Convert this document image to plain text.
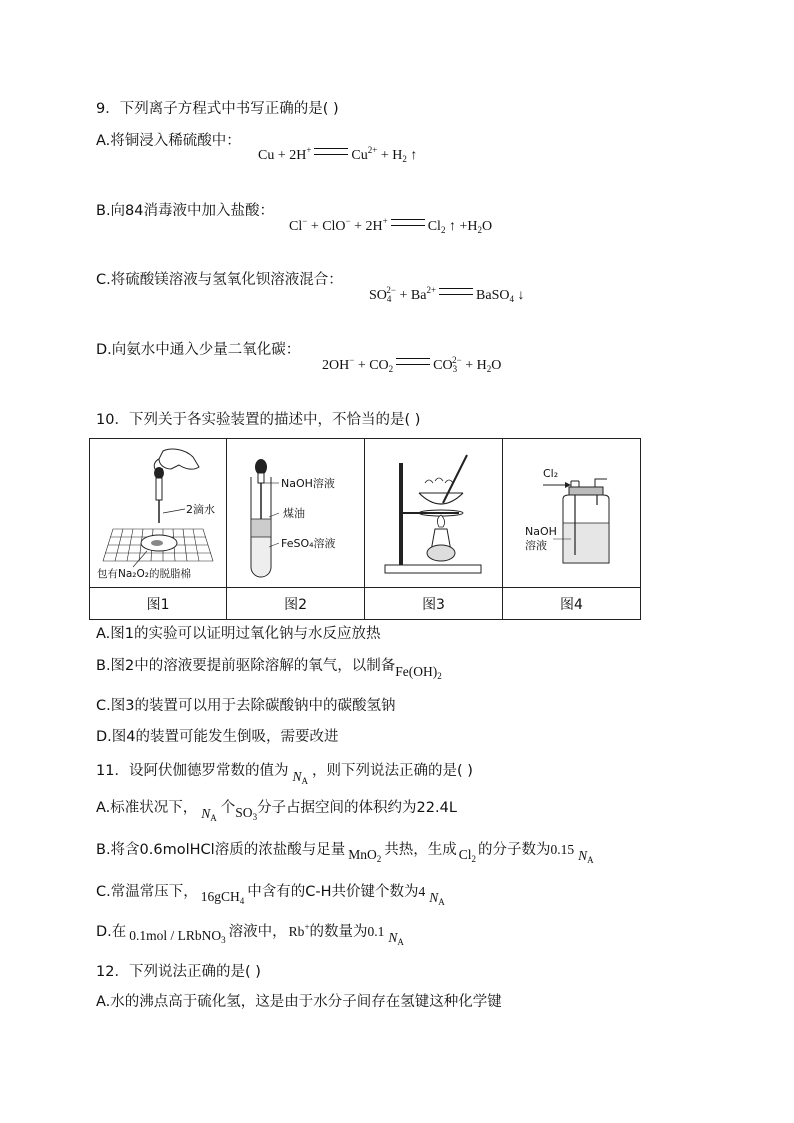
9．下列离子方程式中书写正确的是( )
A.将铜浸入稀硫酸中：
Cu + 2H+	$Cu^{2+} + H_2$ ↑
B.向84消毒液中加入盐酸：
Cl− + ClO− + 2H+	$Cl_2$ ↑ $+H_2O$
C.将硫酸镁溶液与氢氧化钡溶液混合：
$SO_4^{2-} + Ba^{2+}$	BaSO$_4$ ↓
D.向氨水中通入少量二氧化碳：
$2OH^- + CO_2$	$CO_3^{2-} + H_2O$
10．下列关于各实验装置的描述中，不恰当的是( )
2滴水
包有Na₂O₂的脱脂棉	NaOH溶液
煤油
FeSO₄溶液		Cl₂
NaOH
溶液

图1	图2	图3	图4
A.图1的实验可以证明过氧化钠与水反应放热
B.图2中的溶液要提前驱除溶解的氧气，以制备$Fe(OH)_2$
C.图3的装置可以用于去除碳酸钠中的碳酸氢钠
D.图4的装置可能发生倒吸，需要改进
11．设阿伏伽德罗常数的值为 $N_A$，则下列说法正确的是( )
A.标准状况下， $N_A$个$SO_3$分子占据空间的体积约为22.4L
B.将含0.6molHCl溶质的浓盐酸与足量 MnO$_2$共热，生成 $Cl_2$的分子数为0.15 $N_A$
C.常温常压下， 16gCH$_4$中含有的C-H共价键个数为4 $N_A$
D.在 0.1mol / LRbNO$_3$ 溶液中， Rb+的数量为0.1 $N_A$
12．下列说法正确的是( )
A.水的沸点高于硫化氢，这是由于水分子间存在氢键这种化学键
